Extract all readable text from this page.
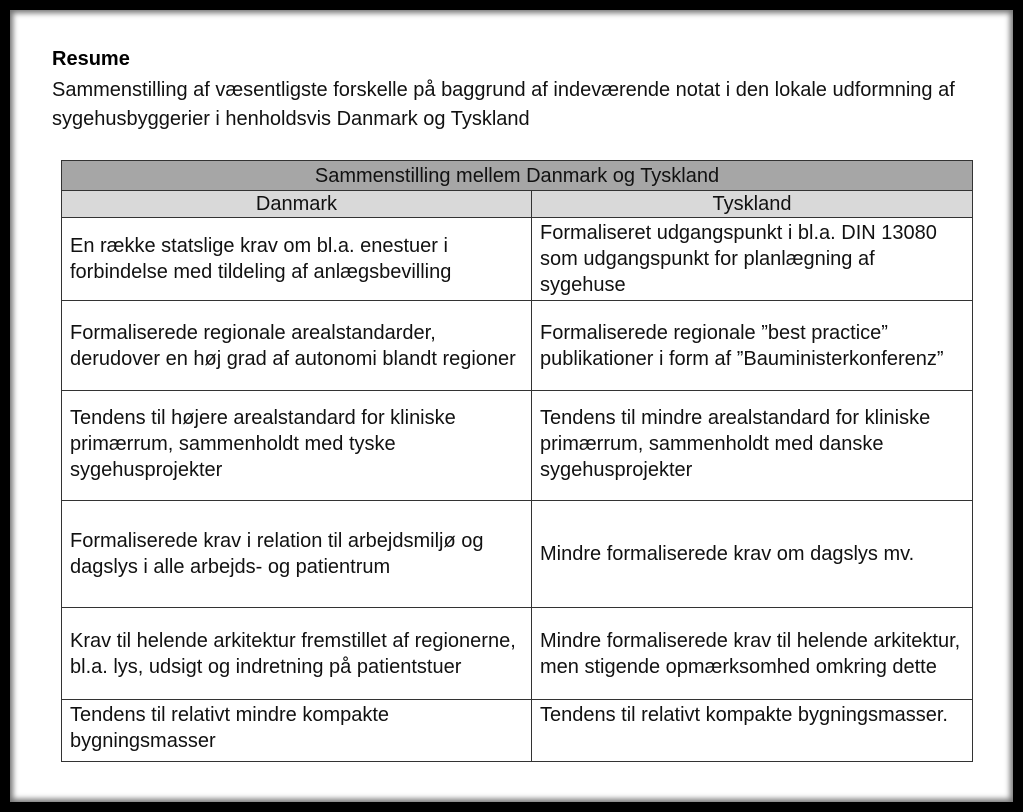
Resume
Sammenstilling af væsentligste forskelle på baggrund af indeværende notat i den lokale udformning af sygehusbyggerier i henholdsvis Danmark og Tyskland
Sammenstilling mellem Danmark og Tyskland	
Danmark	Tyskland
En række statslige krav om bl.a. enestuer i forbindelse med tildeling af anlægsbevilling	Formaliseret udgangspunkt i bl.a. DIN 13080 som udgangspunkt for planlægning af sygehuse
Formaliserede regionale arealstandarder, derudover en høj grad af autonomi blandt regioner	Formaliserede regionale ”best practice” publikationer i form af ”Bauministerkonferenz”
Tendens til højere arealstandard for kliniske primærrum, sammenholdt med tyske sygehusprojekter	Tendens til mindre arealstandard for kliniske primærrum, sammenholdt med danske sygehusprojekter
Formaliserede krav i relation til arbejdsmiljø og dagslys i alle arbejds- og patientrum	Mindre formaliserede krav om dagslys mv.
Krav til helende arkitektur fremstillet af regionerne, bl.a. lys, udsigt og indretning på patientstuer	Mindre formaliserede krav til helende arkitektur, men stigende opmærksomhed omkring dette
Tendens til relativt mindre kompakte bygningsmasser	Tendens til relativt kompakte bygningsmasser.
